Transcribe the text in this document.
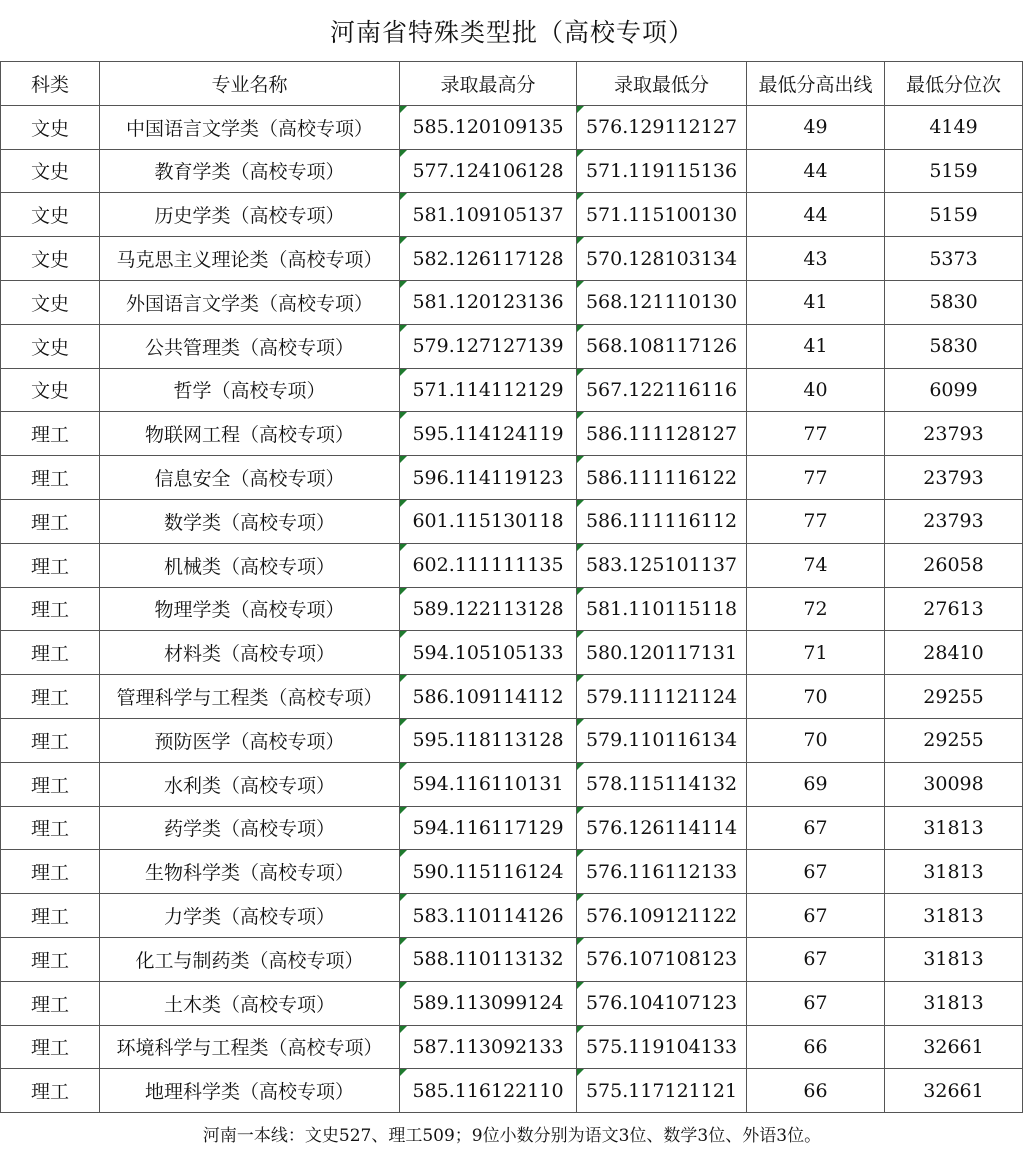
河南省特殊类型批（高校专项）
科类	专业名称	录取最高分	录取最低分	最低分高出线	最低分位次
文史	中国语言文学类（高校专项）	585.120109135	576.129112127	49	4149
文史	教育学类（高校专项）	577.124106128	571.119115136	44	5159
文史	历史学类（高校专项）	581.109105137	571.115100130	44	5159
文史	马克思主义理论类（高校专项）	582.126117128	570.128103134	43	5373
文史	外国语言文学类（高校专项）	581.120123136	568.121110130	41	5830
文史	公共管理类（高校专项）	579.127127139	568.108117126	41	5830
文史	哲学（高校专项）	571.114112129	567.122116116	40	6099
理工	物联网工程（高校专项）	595.114124119	586.111128127	77	23793
理工	信息安全（高校专项）	596.114119123	586.111116122	77	23793
理工	数学类（高校专项）	601.115130118	586.111116112	77	23793
理工	机械类（高校专项）	602.111111135	583.125101137	74	26058
理工	物理学类（高校专项）	589.122113128	581.110115118	72	27613
理工	材料类（高校专项）	594.105105133	580.120117131	71	28410
理工	管理科学与工程类（高校专项）	586.109114112	579.111121124	70	29255
理工	预防医学（高校专项）	595.118113128	579.110116134	70	29255
理工	水利类（高校专项）	594.116110131	578.115114132	69	30098
理工	药学类（高校专项）	594.116117129	576.126114114	67	31813
理工	生物科学类（高校专项）	590.115116124	576.116112133	67	31813
理工	力学类（高校专项）	583.110114126	576.109121122	67	31813
理工	化工与制药类（高校专项）	588.110113132	576.107108123	67	31813
理工	土木类（高校专项）	589.113099124	576.104107123	67	31813
理工	环境科学与工程类（高校专项）	587.113092133	575.119104133	66	32661
理工	地理科学类（高校专项）	585.116122110	575.117121121	66	32661
河南一本线：文史527、理工509；9位小数分别为语文3位、数学3位、外语3位。
